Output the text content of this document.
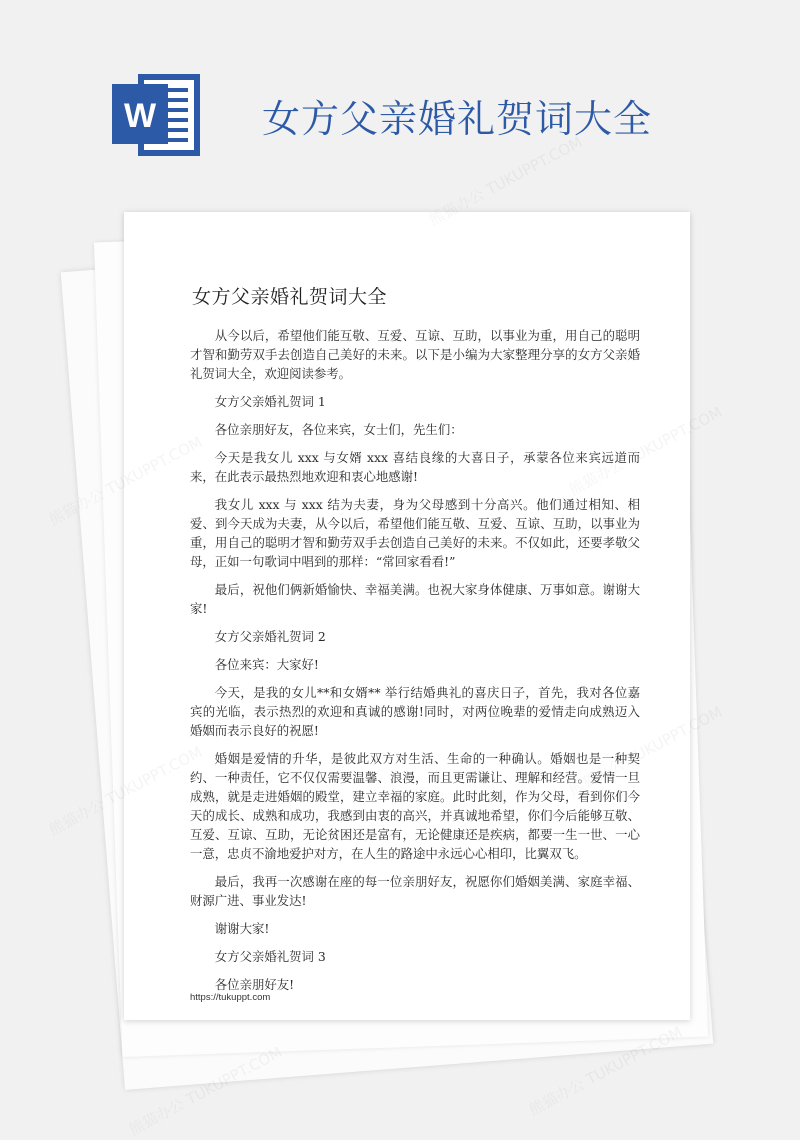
W	女方父亲婚礼贺词大全
女方父亲婚礼贺词大全

从今以后，希望他们能互敬、互爱、互谅、互助，以事业为重，用自己的聪明才智和勤劳双手去创造自己美好的未来。以下是小编为大家整理分享的女方父亲婚礼贺词大全，欢迎阅读参考。

女方父亲婚礼贺词 1

各位亲朋好友，各位来宾，女士们，先生们：

今天是我女儿 xxx 与女婿 xxx 喜结良缘的大喜日子，承蒙各位来宾远道而来，在此表示最热烈地欢迎和衷心地感谢!

我女儿 xxx 与 xxx 结为夫妻，身为父母感到十分高兴。他们通过相知、相爱、到今天成为夫妻，从今以后，希望他们能互敬、互爱、互谅、互助，以事业为重，用自己的聪明才智和勤劳双手去创造自己美好的未来。不仅如此，还要孝敬父母，正如一句歌词中唱到的那样：“常回家看看!”

最后，祝他们俩新婚愉快、幸福美满。也祝大家身体健康、万事如意。谢谢大家!

女方父亲婚礼贺词 2

各位来宾：大家好!

今天，是我的女儿**和女婿** 举行结婚典礼的喜庆日子，首先，我对各位嘉宾的光临，表示热烈的欢迎和真诚的感谢!同时，对两位晚辈的爱情走向成熟迈入婚姻而表示良好的祝愿!

婚姻是爱情的升华，是彼此双方对生活、生命的一种确认。婚姻也是一种契约、一种责任，它不仅仅需要温馨、浪漫，而且更需谦让、理解和经营。爱情一旦成熟，就是走进婚姻的殿堂，建立幸福的家庭。此时此刻，作为父母，看到你们今天的成长、成熟和成功，我感到由衷的高兴，并真诚地希望，你们今后能够互敬、互爱、互谅、互助，无论贫困还是富有，无论健康还是疾病，都要一生一世、一心一意，忠贞不渝地爱护对方，在人生的路途中永远心心相印，比翼双飞。

最后，我再一次感谢在座的每一位亲朋好友，祝愿你们婚姻美满、家庭幸福、财源广进、事业发达!

谢谢大家!

女方父亲婚礼贺词 3

各位亲朋好友!

https://tukuppt.com
